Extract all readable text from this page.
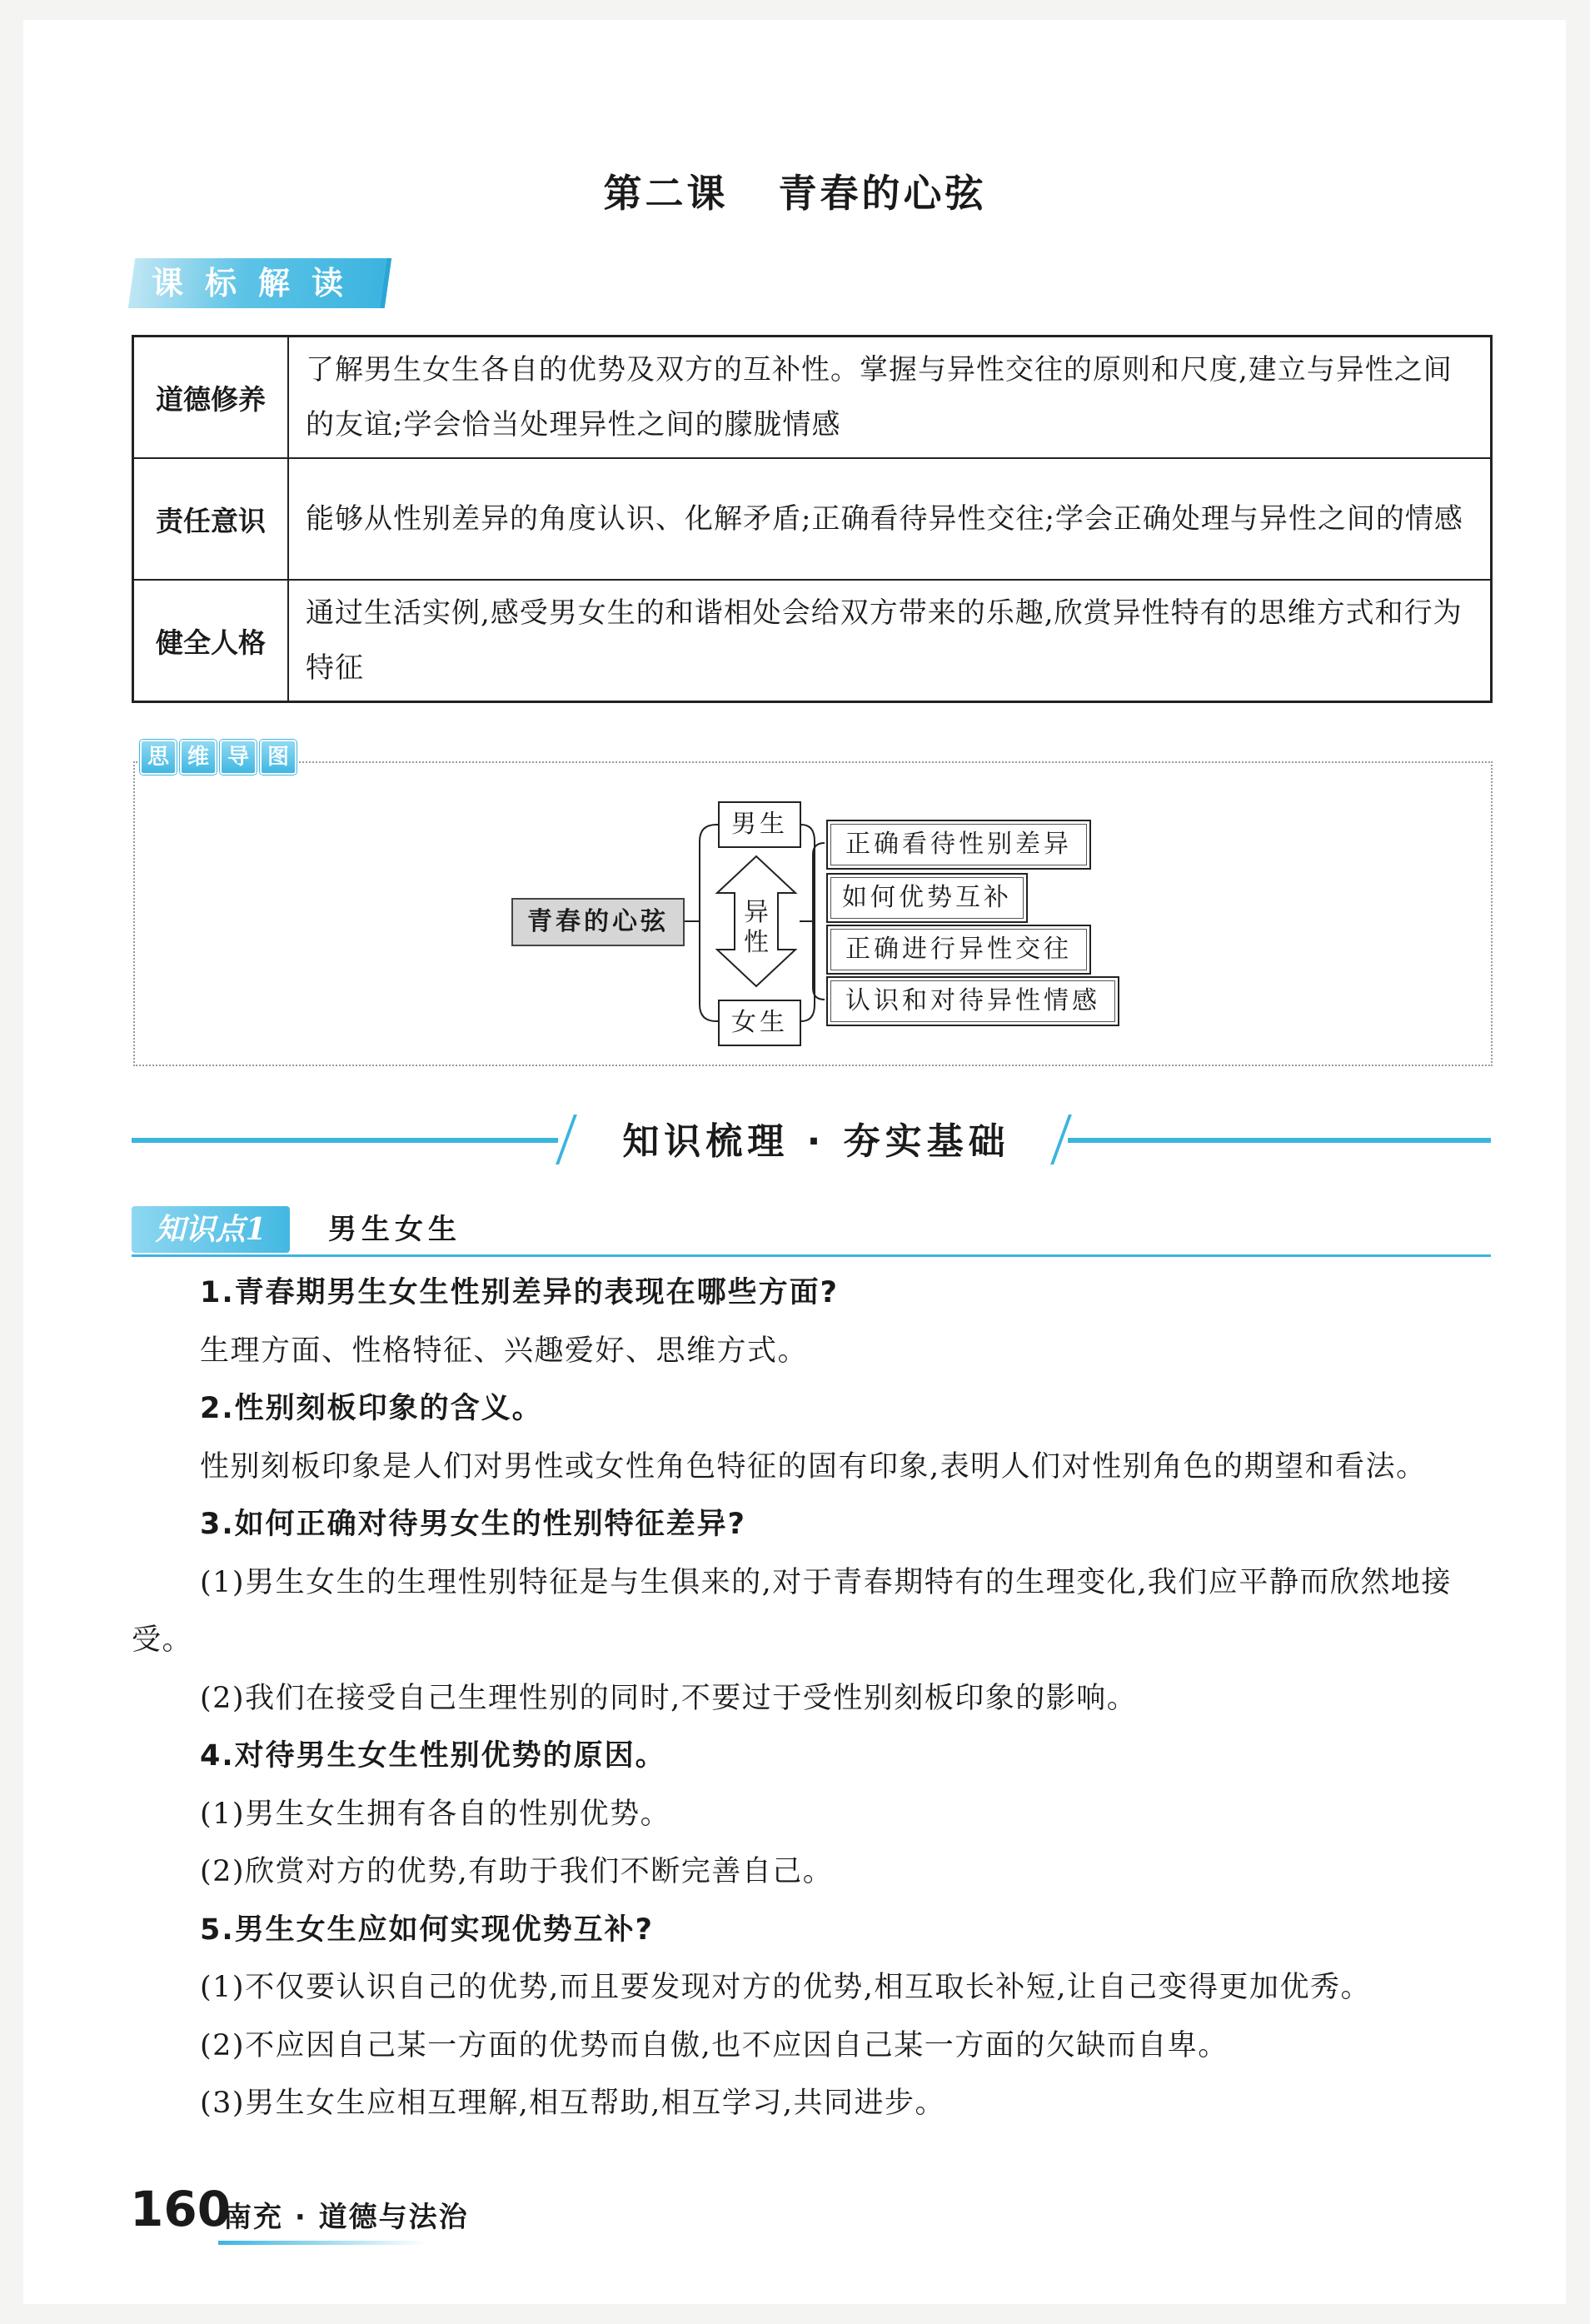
第二课 青春的心弦
课标解读
道德修养	了解男生女生各自的优势及双方的互补性。掌握与异性交往的原则和尺度,建立与异性之间的友谊;学会恰当处理异性之间的朦胧情感
责任意识	能够从性别差异的角度认识、化解矛盾;正确看待异性交往;学会正确处理与异性之间的情感
健全人格	通过生活实例,感受男女生的和谐相处会给双方带来的乐趣,欣赏异性特有的思维方式和行为特征
思 维 导 图
青春的心弦
男生
女生
异
性
正确看待性别差异
如何优势互补
正确进行异性交往
认识和对待异性情感
知识梳理 · 夯实基础
知识点1	男生女生

1.青春期男生女生性别差异的表现在哪些方面?

生理方面、性格特征、兴趣爱好、思维方式。

2.性别刻板印象的含义。

性别刻板印象是人们对男性或女性角色特征的固有印象,表明人们对性别角色的期望和看法。

3.如何正确对待男女生的性别特征差异?

(1)男生女生的生理性别特征是与生俱来的,对于青春期特有的生理变化,我们应平静而欣然地接受。

(2)我们在接受自己生理性别的同时,不要过于受性别刻板印象的影响。

4.对待男生女生性别优势的原因。

(1)男生女生拥有各自的性别优势。

(2)欣赏对方的优势,有助于我们不断完善自己。

5.男生女生应如何实现优势互补?

(1)不仅要认识自己的优势,而且要发现对方的优势,相互取长补短,让自己变得更加优秀。

(2)不应因自己某一方面的优势而自傲,也不应因自己某一方面的欠缺而自卑。

(3)男生女生应相互理解,相互帮助,相互学习,共同进步。

160
南充 · 道德与法治
